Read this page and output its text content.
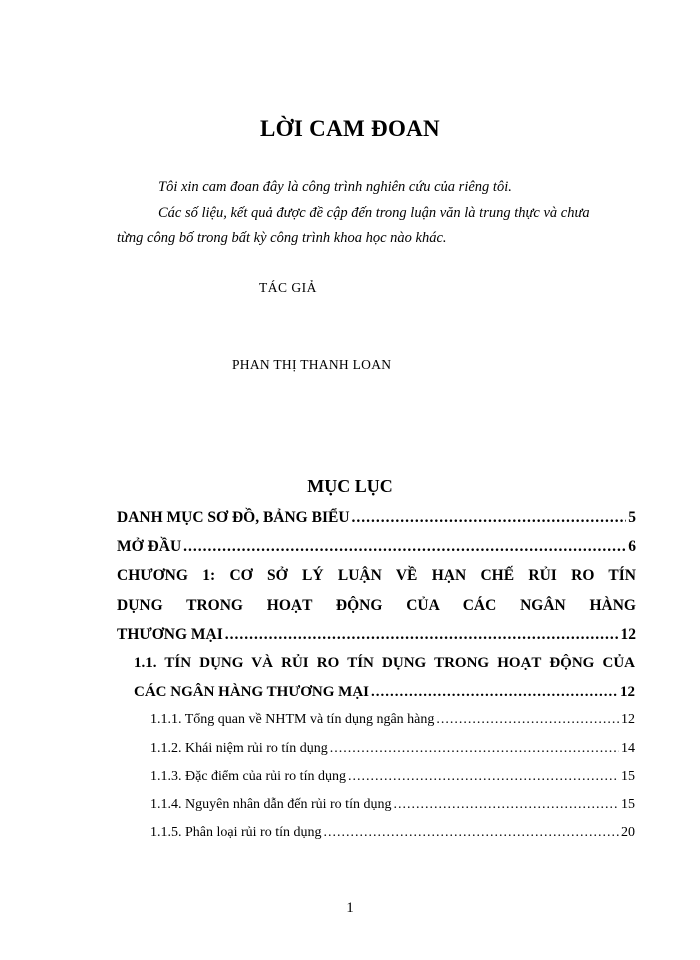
LỜI CAM ĐOAN
Tôi xin cam đoan đây là công trình nghiên cứu của riêng tôi.
Các số liệu, kết quả được đề cập đến trong luận văn là trung thực và chưa
từng công bố trong bất kỳ công trình khoa học nào khác.
TÁC GIẢ
PHAN THỊ THANH LOAN
MỤC LỤC
DANH MỤC SƠ ĐỒ, BẢNG BIỂU .....	5
MỞ ĐẦU .....	6
CHƯƠNG 1: CƠ SỞ LÝ LUẬN VỀ HẠN CHẾ RỦI RO TÍN
DỤNG TRONG HOẠT ĐỘNG CỦA CÁC NGÂN HÀNG
THƯƠNG MẠI .....	12
1.1. TÍN DỤNG VÀ RỦI RO TÍN DỤNG TRONG HOẠT ĐỘNG CỦA
CÁC NGÂN HÀNG THƯƠNG MẠI .....	12
1.1.1. Tổng quan về NHTM và tín dụng ngân hàng .....	12
1.1.2. Khái niệm rủi ro tín dụng .....	14
1.1.3. Đặc điểm của rủi ro tín dụng .....	15
1.1.4. Nguyên nhân dẫn đến rủi ro tín dụng .....	15
1.1.5. Phân loại rủi ro tín dụng .....	20
1
